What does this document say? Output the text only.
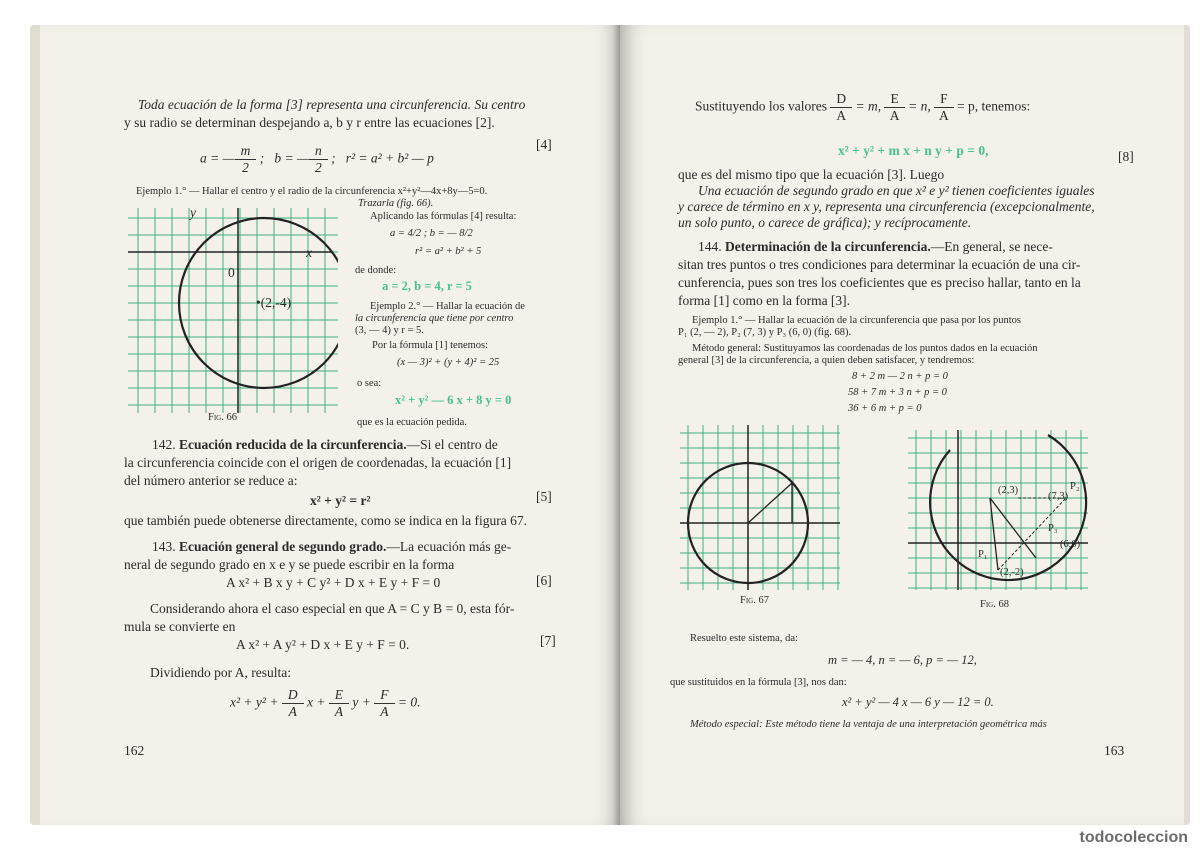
Toda ecuación de la forma [3] representa una circunferencia. Su centro
y su radio se determinan despejando a, b y r entre las ecuaciones [2].
a = — $\frac{m}{2}$ ;   b = — $\frac{n}{2}$ ;   r² = a² + b² — p
[4]
Ejemplo 1.° — Hallar el centro y el radio de la circunferencia x²+y²—4x+8y—5=0.
Trazarla (fig. 66).
Aplicando las fórmulas [4] resulta:
a = 4/2 ; b = — 8/2
r² = a² + b² + 5
de donde:
a = 2, b = 4, r = 5
Ejemplo 2.° — Hallar la ecuación de
la circunferencia que tiene por centro
(3, — 4) y r = 5.
Por la fórmula [1] tenemos:
(x — 3)² + (y + 4)² = 25
o sea:
x² + y² — 6 x + 8 y = 0
que es la ecuación pedida.
0
x
y
•(2,-4)
Fig. 66
142. Ecuación reducida de la circunferencia.—Si el centro de
la circunferencia coincide con el origen de coordenadas, la ecuación [1]
del número anterior se reduce a:
x² + y² = r²	[5]
que también puede obtenerse directamente, como se indica en la figura 67.
143. Ecuación general de segundo grado.—La ecuación más ge-
neral de segundo grado en x e y se puede escribir en la forma
A x² + B x y + C y² + D x + E y + F = 0	[6]
Considerando ahora el caso especial en que A = C y B = 0, esta fór-
mula se convierte en
A x² + A y² + D x + E y + F = 0.	[7]
Dividiendo por A, resulta:
$x^2 + y^2 + \frac{D}{A}$ $x + \frac{E}{A}$ $y + \frac{F}{A} = 0$.
162
Sustituyendo los valores $\frac{D}{A} = m$, $\frac{E}{A} = n$, $\frac{F}{A} = p$, tenemos:
x² + y² + m x + n y + p = 0,	[8]
que es del mismo tipo que la ecuación [3]. Luego
Una ecuación de segundo grado en que x² e y² tienen coeficientes iguales
y carece de término en x y, representa una circunferencia (excepcionalmente,
un solo punto, o carece de gráfica); y recíprocamente.
144. Determinación de la circunferencia.—En general, se nece-
sitan tres puntos o tres condiciones para determinar la ecuación de una cir-
cunferencia, pues son tres los coeficientes que es preciso hallar, tanto en la
forma [1] como en la forma [3].
Ejemplo 1.° — Hallar la ecuación de la circunferencia que pasa por los puntos
P₁ (2, — 2), P₂ (7, 3) y P₃ (6, 0) (fig. 68).
Método general: Sustituyamos las coordenadas de los puntos dados en la ecuación
general [3] de la circunferencia, a quien deben satisfacer, y tendremos:
8 + 2 m — 2 n + p = 0
58 + 7 m + 3 n + p = 0
36 + 6 m + p = 0
Fig. 67
(2,3)
(7,3)
P₂
P₃
(6,0)
P₁
(2,-2)
Fig. 68
Resuelto este sistema, da:
m = — 4, n = — 6, p = — 12,
que sustituidos en la fórmula [3], nos dan:
x² + y² — 4 x — 6 y — 12 = 0.
Método especial: Este método tiene la ventaja de una interpretación geométrica más
163
todocoleccion
